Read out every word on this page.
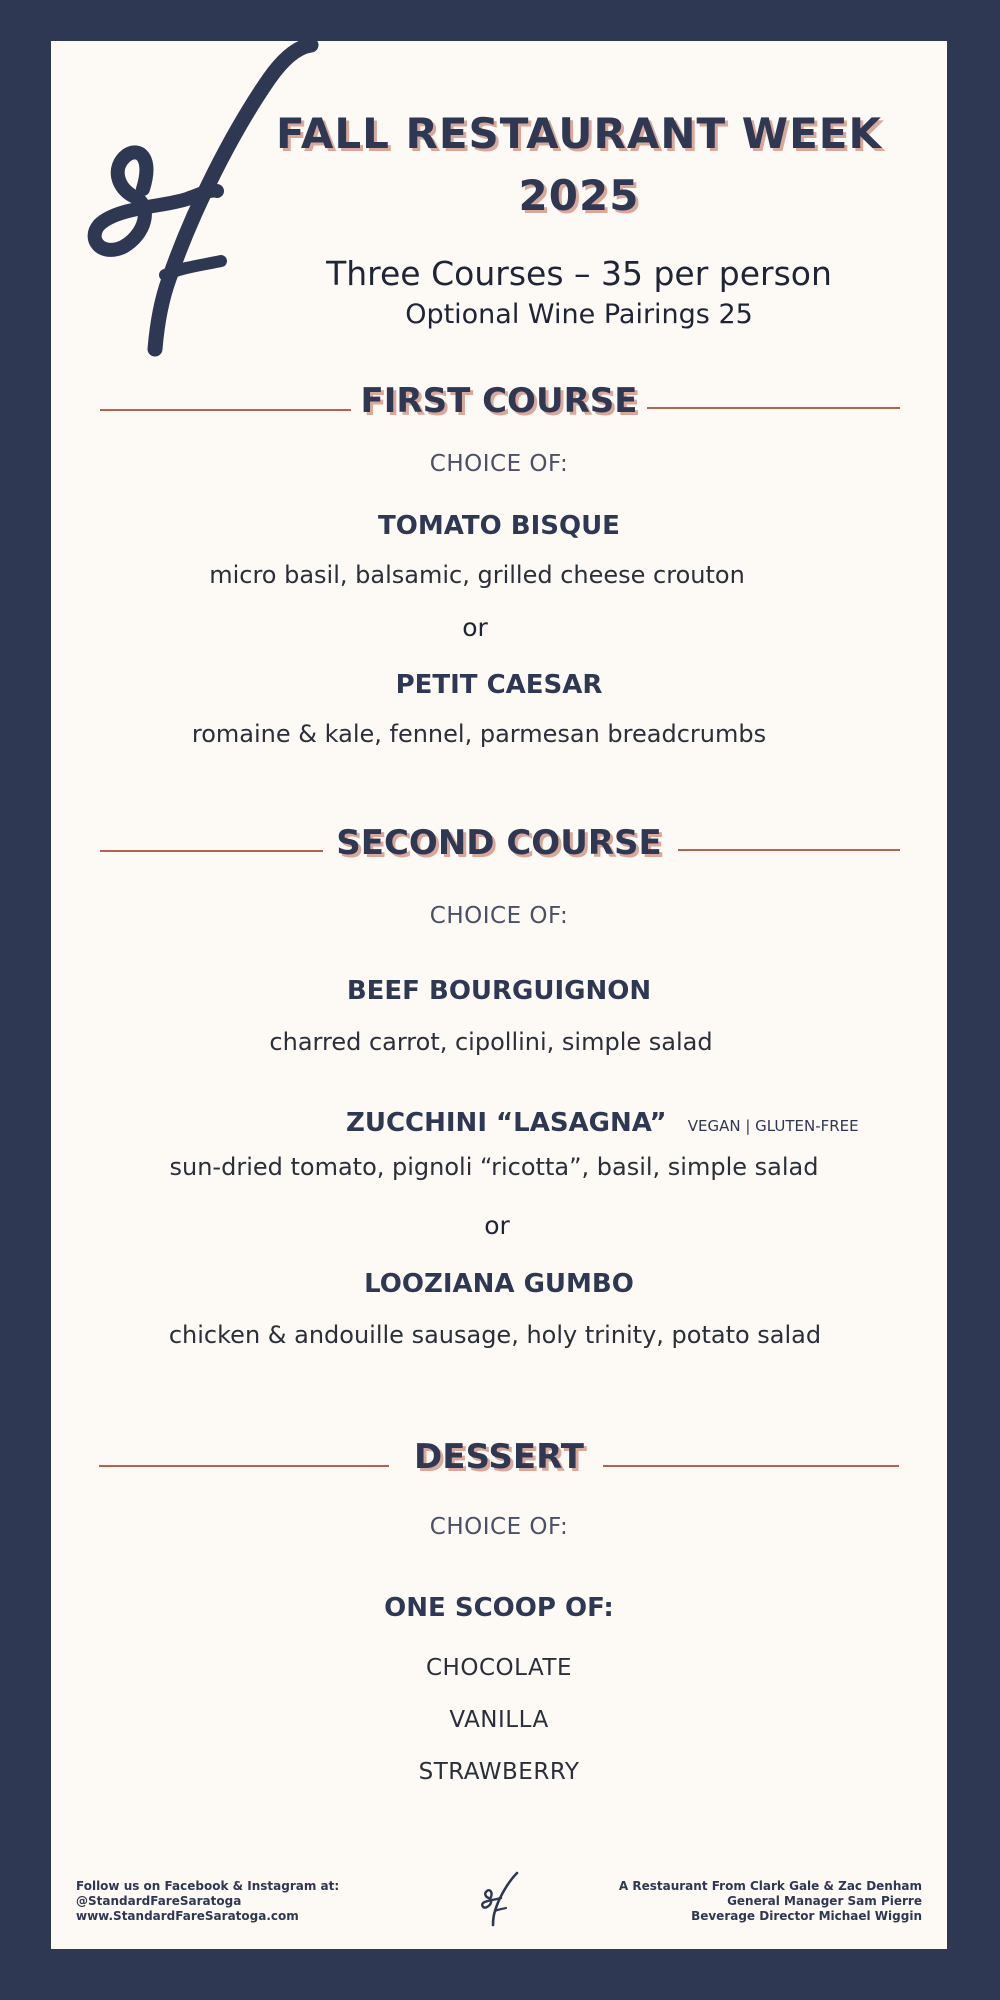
FALL RESTAURANT WEEK
2025
Three Courses – 35 per person
Optional Wine Pairings 25
FIRST COURSE
CHOICE OF:
TOMATO BISQUE
micro basil, balsamic, grilled cheese crouton
or
PETIT CAESAR
romaine & kale, fennel, parmesan breadcrumbs
SECOND COURSE
CHOICE OF:
BEEF BOURGUIGNON
charred carrot, cipollini, simple salad
ZUCCHINI “LASAGNA” VEGAN | GLUTEN-FREE
sun-dried tomato, pignoli “ricotta”, basil, simple salad
or
LOOZIANA GUMBO
chicken & andouille sausage, holy trinity, potato salad
DESSERT
CHOICE OF:
ONE SCOOP OF:
CHOCOLATE
VANILLA
STRAWBERRY
Follow us on Facebook & Instagram at:
@StandardFareSaratoga
www.StandardFareSaratoga.com
A Restaurant From Clark Gale & Zac Denham
General Manager Sam Pierre
Beverage Director Michael Wiggin
